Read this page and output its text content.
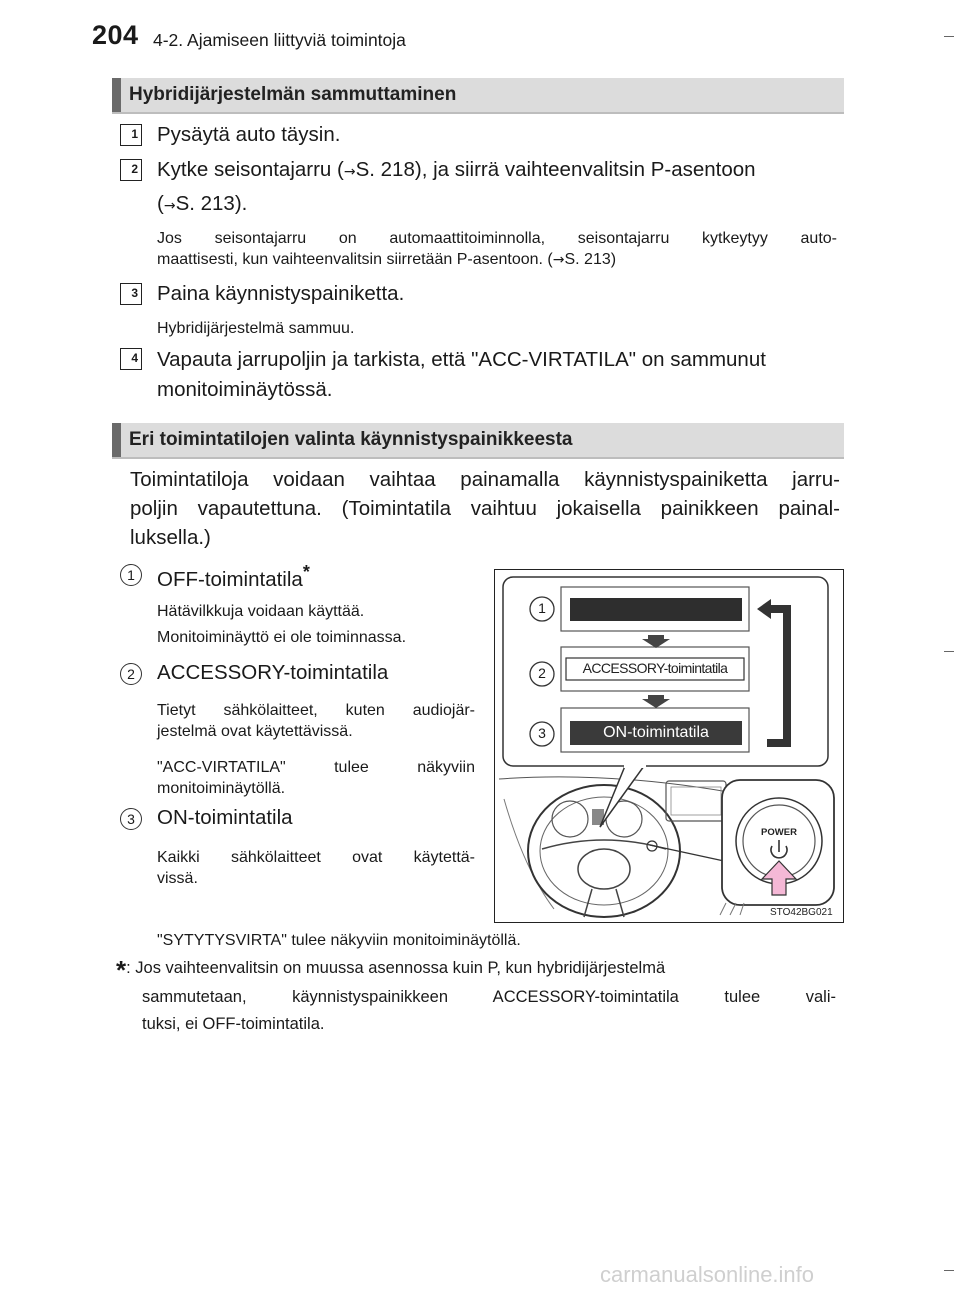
204 4-2. Ajamiseen liittyviä toimintoja
Hybridijärjestelmän sammuttaminen
1 Pysäytä auto täysin.
2 Kytke seisontajarru (→S. 218), ja siirrä vaihteenvalitsin P-asentoon
(→S. 213).
Jos seisontajarru on automaattitoiminnolla, seisontajarru kytkeytyy auto-
maattisesti, kun vaihteenvalitsin siirretään P-asentoon. (→S. 213)
3 Paina käynnistyspainiketta.
Hybridijärjestelmä sammuu.
4 Vapauta jarrupoljin ja tarkista, että "ACC-VIRTATILA" on sammunut
monitoiminäytössä.
Eri toimintatilojen valinta käynnistyspainikkeesta
Toimintatiloja voidaan vaihtaa painamalla käynnistyspainiketta jarru-
poljin vapautettuna. (Toimintatila vaihtuu jokaisella painikkeen painal-
luksella.)
1	OFF-toimintatila*
Hätävilkkuja voidaan käyttää.
Monitoiminäyttö ei ole toiminnassa.
2	ACCESSORY-toimintatila
Tietyt sähkölaitteet, kuten audiojär-
jestelmä ovat käytettävissä.
"ACC-VIRTATILA" tulee näkyviin
monitoiminäytöllä.
3	ON-toimintatila
Kaikki sähkölaitteet ovat käytettä-
vissä.
"SYTYTYSVIRTA" tulee näkyviin monitoiminäytöllä.
*: Jos vaihteenvalitsin on muussa asennossa kuin P, kun hybridijärjestelmä
sammutetaan, käynnistyspainikkeen ACCESSORY-toimintatila tulee vali-
tuksi, ei OFF-toimintatila.
1
2
3
ACCESSORY-toimintatila
ON-toimintatila
POWER
STO42BG021
carmanualsonline.info
